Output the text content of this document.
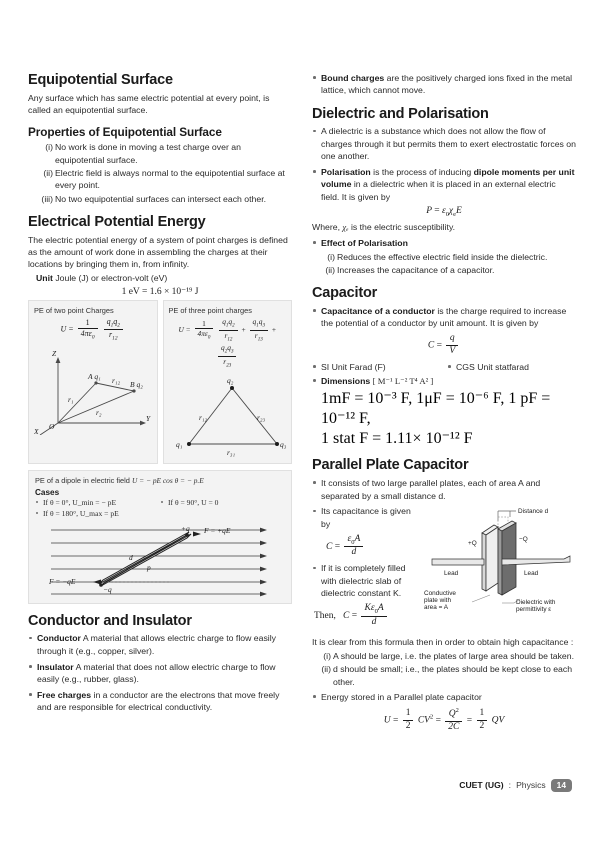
Equipotential Surface

Any surface which has same electric potential at every point, is called an equipotential surface.

Properties of Equipotential Surface
(i) No work is done in moving a test charge over an equipotential surface.
(ii) Electric field is always normal to the equipotential surface at every point.
(iii) No two equipotential surfaces can intersect each other.
Electrical Potential Energy

The electric potential energy of a system of point charges is defined as the amount of work done in assembling the charges at their locations by bringing them in, from infinity.

Unit Joule (J) or electron-volt (eV)
1 eV = 1.6 × 10⁻¹⁹ J
PE of two point Charges
$U = \frac{1}{4\pi\varepsilon_0}$
$\frac{q_1q_2}{r_{12}}$
Z
Y
X
O
A q₁
B q₂
r₁
r₂
r₁₂
PE of three point charges
$U = \frac{1}{4\pi\varepsilon_0}$
$\frac{q_1q_2}{r_{12}} + \frac{q_1q_3}{r_{13}}$ +
$\frac{q_2q_3}{r_{23}}$
q₂
q₁	q₃
r₁₂	r₂₃
r₃₁
PE of a dipole in electric field U = − pE cos θ = − p.E
Cases
If θ = 0°, U_min = − pE	If θ = 90°, U = 0
If θ = 180°, U_max = pE
+q F = +qE
−q
F = −qE
d
p
Conductor and Insulator
Conductor A material that allows electric charge to flow easily through it (e.g., copper, silver).
Insulator A material that does not allow electric charge to flow easily (e.g., rubber, glass).
Free charges in a conductor are the electrons that move freely and are responsible for electrical conductivity.
Bound charges are the positively charged ions fixed in the metal lattice, which cannot move.
Dielectric and Polarisation
A dielectric is a substance which does not allow the flow of charges through it but permits them to exert electrostatic forces on one another.
Polarisation is the process of inducing dipole moments per unit volume in a dielectric when it is placed in an external electric field. It is given by
$P = \varepsilon_0\chi_eE$

Where, χₑ is the electric susceptibility.

Effect of Polarisation
(i) Reduces the effective electric field inside the dielectric.
(ii) Increases the capacitance of a capacitor.
Capacitor
Capacitance of a conductor is the charge required to increase the potential of a conductor by unit amount. It is given by
$C = \frac{q}{V}$
SI Unit Farad (F)	CGS Unit statfarad
Dimensions [ M⁻¹ L⁻² T⁴ A² ]
1mF = 10⁻³ F, 1μF = 10⁻⁶ F, 1 pF = 10⁻¹² F,
1 stat F = 1.11× 10⁻¹² F
Parallel Plate Capacitor
It consists of two large parallel plates, each of area A and separated by a small distance d.
Its capacitance is given by
$C = \frac{\varepsilon_0A}{d}$
If it is completely filled with dielectric slab of dielectric constant K.
Then,   $C = \frac{K\varepsilon_0A}{d}$
Distance d
+Q
−Q
Lead	Lead
Conductive
plate with
area = A
Dielectric with
permittivity ε

It is clear from this formula then in order to obtain high capacitance :

(i) A should be large, i.e. the plates of large area should be taken.
(ii) d should be small; i.e., the plates should be kept close to each other.
Energy stored in a Parallel plate capacitor
$U = \frac{1}{2} CV^2 = \frac{Q^2}{2C} = \frac{1}{2}$ QV
CUET (UG) : Physics	14
